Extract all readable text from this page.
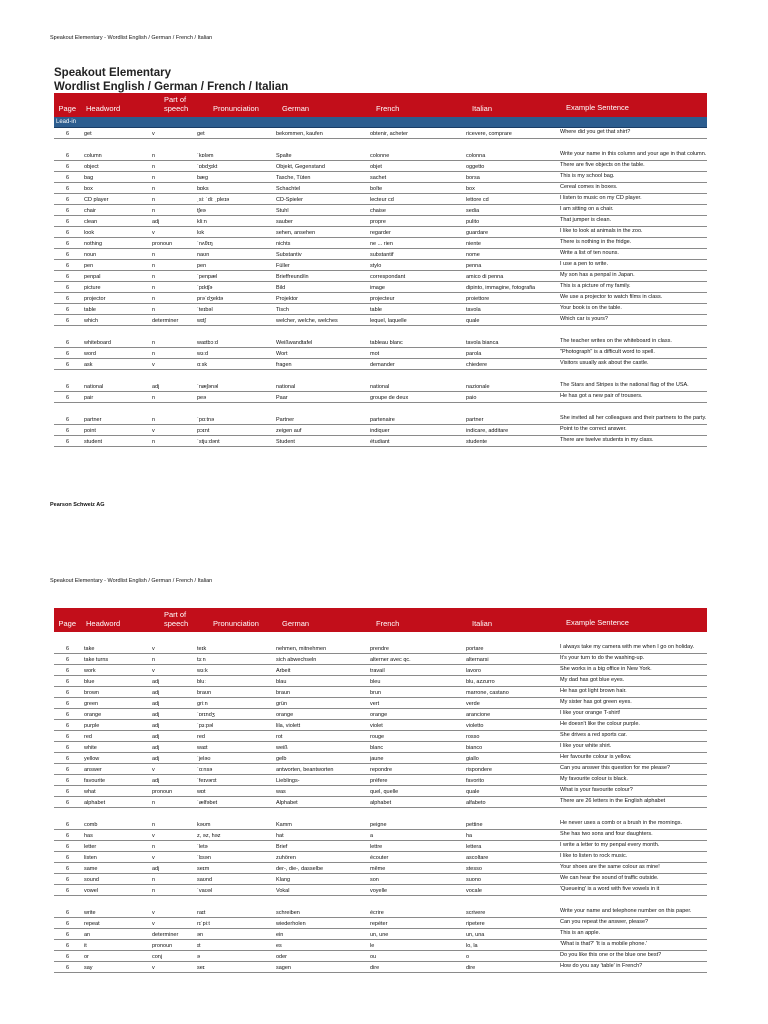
Speakout Elementary - Wordlist English / German / French / Italian
Speakout Elementary
Wordlist English / German / French / Italian
Page	Headword
Part of
speech	Pronunciation	German	French	Italian	Example Sentence
Lead-in
6	get	v	ɡet	bekommen, kaufen	obtenir, acheter	ricevere, comprare	Where did you get that shirt?
6	column	n	ˈkɒləm	Spalte	colonne	colonna	Write your name in this column and your age in that column.
6	object	n	ˈɒbdʒɪkt	Objekt, Gegenstand	objet	oggetto	There are five objects on the table.
6	bag	n	bæɡ	Tasche, Tüten	sachet	borsa	This is my school bag.
6	box	n	bɒks	Schachtel	boîte	box	Cereal comes in boxes.
6	CD player	n	ˌsiː ˈdiː ˌpleɪə	CD-Spieler	lecteur cd	lettore cd	I listen to music on my CD player.
6	chair	n	tʃeə	Stuhl	chaise	sedia	I am sitting on a chair.
6	clean	adj	kliːn	sauber	propre	pulito	That jumper is clean.
6	look	v	lʊk	sehen, ansehen	regarder	guardare	I like to look at animals in the zoo.
6	nothing	pronoun	ˈnʌθɪŋ	nichts	ne ... rien	niente	There is nothing in the fridge.
6	noun	n	naʊn	Substantiv	substantif	nome	Write a list of ten nouns.
6	pen	n	pen	Füller	stylo	penna	I use a pen to write.
6	penpal	n	ˈpenpæl	Brieffreund/in	correspondant	amico di penna	My son has a penpal in Japan.
6	picture	n	ˈpɪktʃə	Bild	image	dipinto, immagine, fotografia	This is a picture of my family.
6	projector	n	prəˈdʒektə	Projektor	projecteur	proiettore	We use a projector to watch films in class.
6	table	n	ˈteɪbəl	Tisch	table	tavola	Your book is on the table.
6	which	determiner	wɪtʃ	welcher, welche, welches	lequel, laquelle	quale	Which car is yours?
6	whiteboard	n	waɪtbɔːd	Weißwandtafel	tableau blanc	tavola bianca	The teacher writes on the whiteboard in class.
6	word	n	wɜːd	Wort	mot	parola	"Photograph" is a difficult word to spell.
6	ask	v	ɑːsk	fragen	demander	chiedere	Visitors usually ask about the castle.
6	national	adj	ˈnæʃənəl	national	national	nazionale	The Stars and Stripes is the national flag of the USA.
6	pair	n	peə	Paar	groupe de deux	paio	He has got a new pair of trousers.
6	partner	n	ˈpɑːtnə	Partner	partenaire	partner	She invited all her colleagues and their partners to the party.
6	point	v	pɔɪnt	zeigen auf	indiquer	indicare, additare	Point to the correct answer.
6	student	n	ˈstjuːdənt	Student	étudiant	studente	There are twelve students in my class.
Pearson Schweiz AG
Speakout Elementary - Wordlist English / German / French / Italian
Page	Headword
Part of
speech	Pronunciation	German	French	Italian	Example Sentence
6	take	v	teɪk	nehmen, mitnehmen	prendre	portare	I always take my camera with me when I go on holiday.
6	take turns	n	tɜːn	sich abwechseln	alterner avec qc.	alternarsi	It's your turn to do the washing-up.
6	work	v	wɜːk	Arbeit	travail	lavoro	She works in a big office in New York.
6	blue	adj	bluː	blau	bleu	blu, azzurro	My dad has got blue eyes.
6	brown	adj	braʊn	braun	brun	marrone, castano	He has got light brown hair.
6	green	adj	ɡriːn	grün	vert	verde	My sister has got green eyes.
6	orange	adj	ˈɒrɪndʒ	orange	orange	arancione	I like your orange T-shirt!
6	purple	adj	ˈpɜːpəl	lila, violett	violet	violetto	He doesn't like the colour purple.
6	red	adj	red	rot	rouge	rosso	She drives a red sports car.
6	white	adj	waɪt	weiß	blanc	bianco	I like your white shirt.
6	yellow	adj	ˈjeləʊ	gelb	jaune	giallo	Her favourite colour is yellow.
6	answer	v	ˈɑːnsə	antworten, beantworten	repondre	rispondere	Can you answer this question for me please?
6	favourite	adj	ˈfeɪvərɪt	Lieblings-	préfere	favorito	My favourite colour is black.
6	what	pronoun	wɒt	was	quel, quelle	quale	What is your favourite colour?
6	alphabet	n	ˈælfəbet	Alphabet	alphabet	alfabeto	There are 26 letters in the English alphabet
6	comb	n	kəʊm	Kamm	peigne	pettine	He never uses a comb or a brush in the mornings.
6	has	v	z, əz, həz	hat	a	ha	She has two sons and four daughters.
6	letter	n	ˈletə	Brief	lettre	lettera	I write a letter to my penpal every month.
6	listen	v	ˈlɪsən	zuhören	écouter	ascoltare	I like to listen to rock music.
6	same	adj	seɪm	der-, die-, dasselbe	même	stesso	Your shoes are the same colour as mine!
6	sound	n	saʊnd	Klang	son	suono	We can hear the sound of traffic outside.
6	vowel	n	ˈvaʊəl	Vokal	voyelle	vocale	'Queueing' is a word with five vowels in it
6	write	v	raɪt	schreiben	écrire	scrivere	Write your name and telephone number on this paper.
6	repeat	v	rɪˈpiːt	wiederholen	repéter	ripetere	Can you repeat the answer, please?
6	an	determiner	ən	ein	un, une	un, una	This is an apple.
6	it	pronoun	ɪt	es	le	lo, la	'What is that?' 'It is a mobile phone.'
6	or	conj	ə	oder	ou	o	Do you like this one or the blue one best?
6	say	v	seɪ	sagen	dire	dire	How do you say 'table' in French?
